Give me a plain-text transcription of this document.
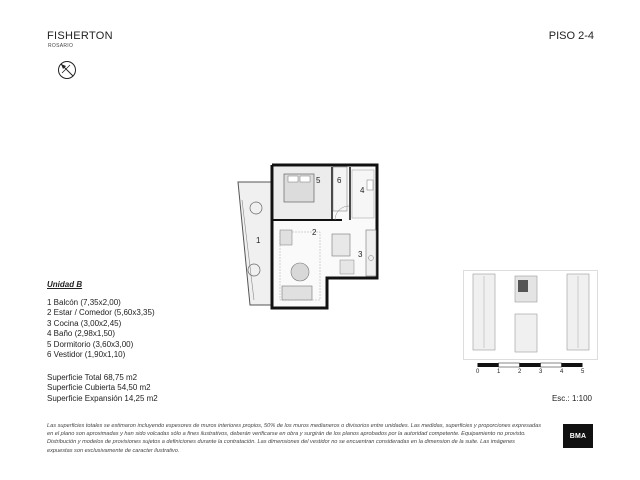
FISHERTON
ROSARIO
PISO 2-4
1
2
3
4
5 6
Unidad B
1 Balcón (7,35x2,00)
2 Estar / Comedor (5,60x3,35)
3 Cocina (3,00x2,45)
4 Baño (2,98x1,50)
5 Dormitorio (3,60x3,00)
6 Vestidor (1,90x1,10)
Superficie Total 68,75 m2
Superficie Cubierta 54,50 m2
Superficie Expansión 14,25 m2
0	1	2	3	4	5
Esc.: 1:100
Las superficies totales se estimaron incluyendo espesores de muros interiores propios, 50% de los muros medianeros o divisorios entre unidades. Las medidas, superficies y proporciones expresadas en el plano son aproximadas y han sido volcadas sólo a fines ilustrativos, deberán verificarse en obra y surgirán de los planos aprobados por la autoridad competente. Equipamiento no provisto. Distribución y modelos de provisiones sujetos a definiciones durante la contratación. Las dimensiones del vestidor no se encuentran consideradas en la dimension de la suite. Las imágenes expuestas son exclusivamente de caracter ilustrativo.
BMA
